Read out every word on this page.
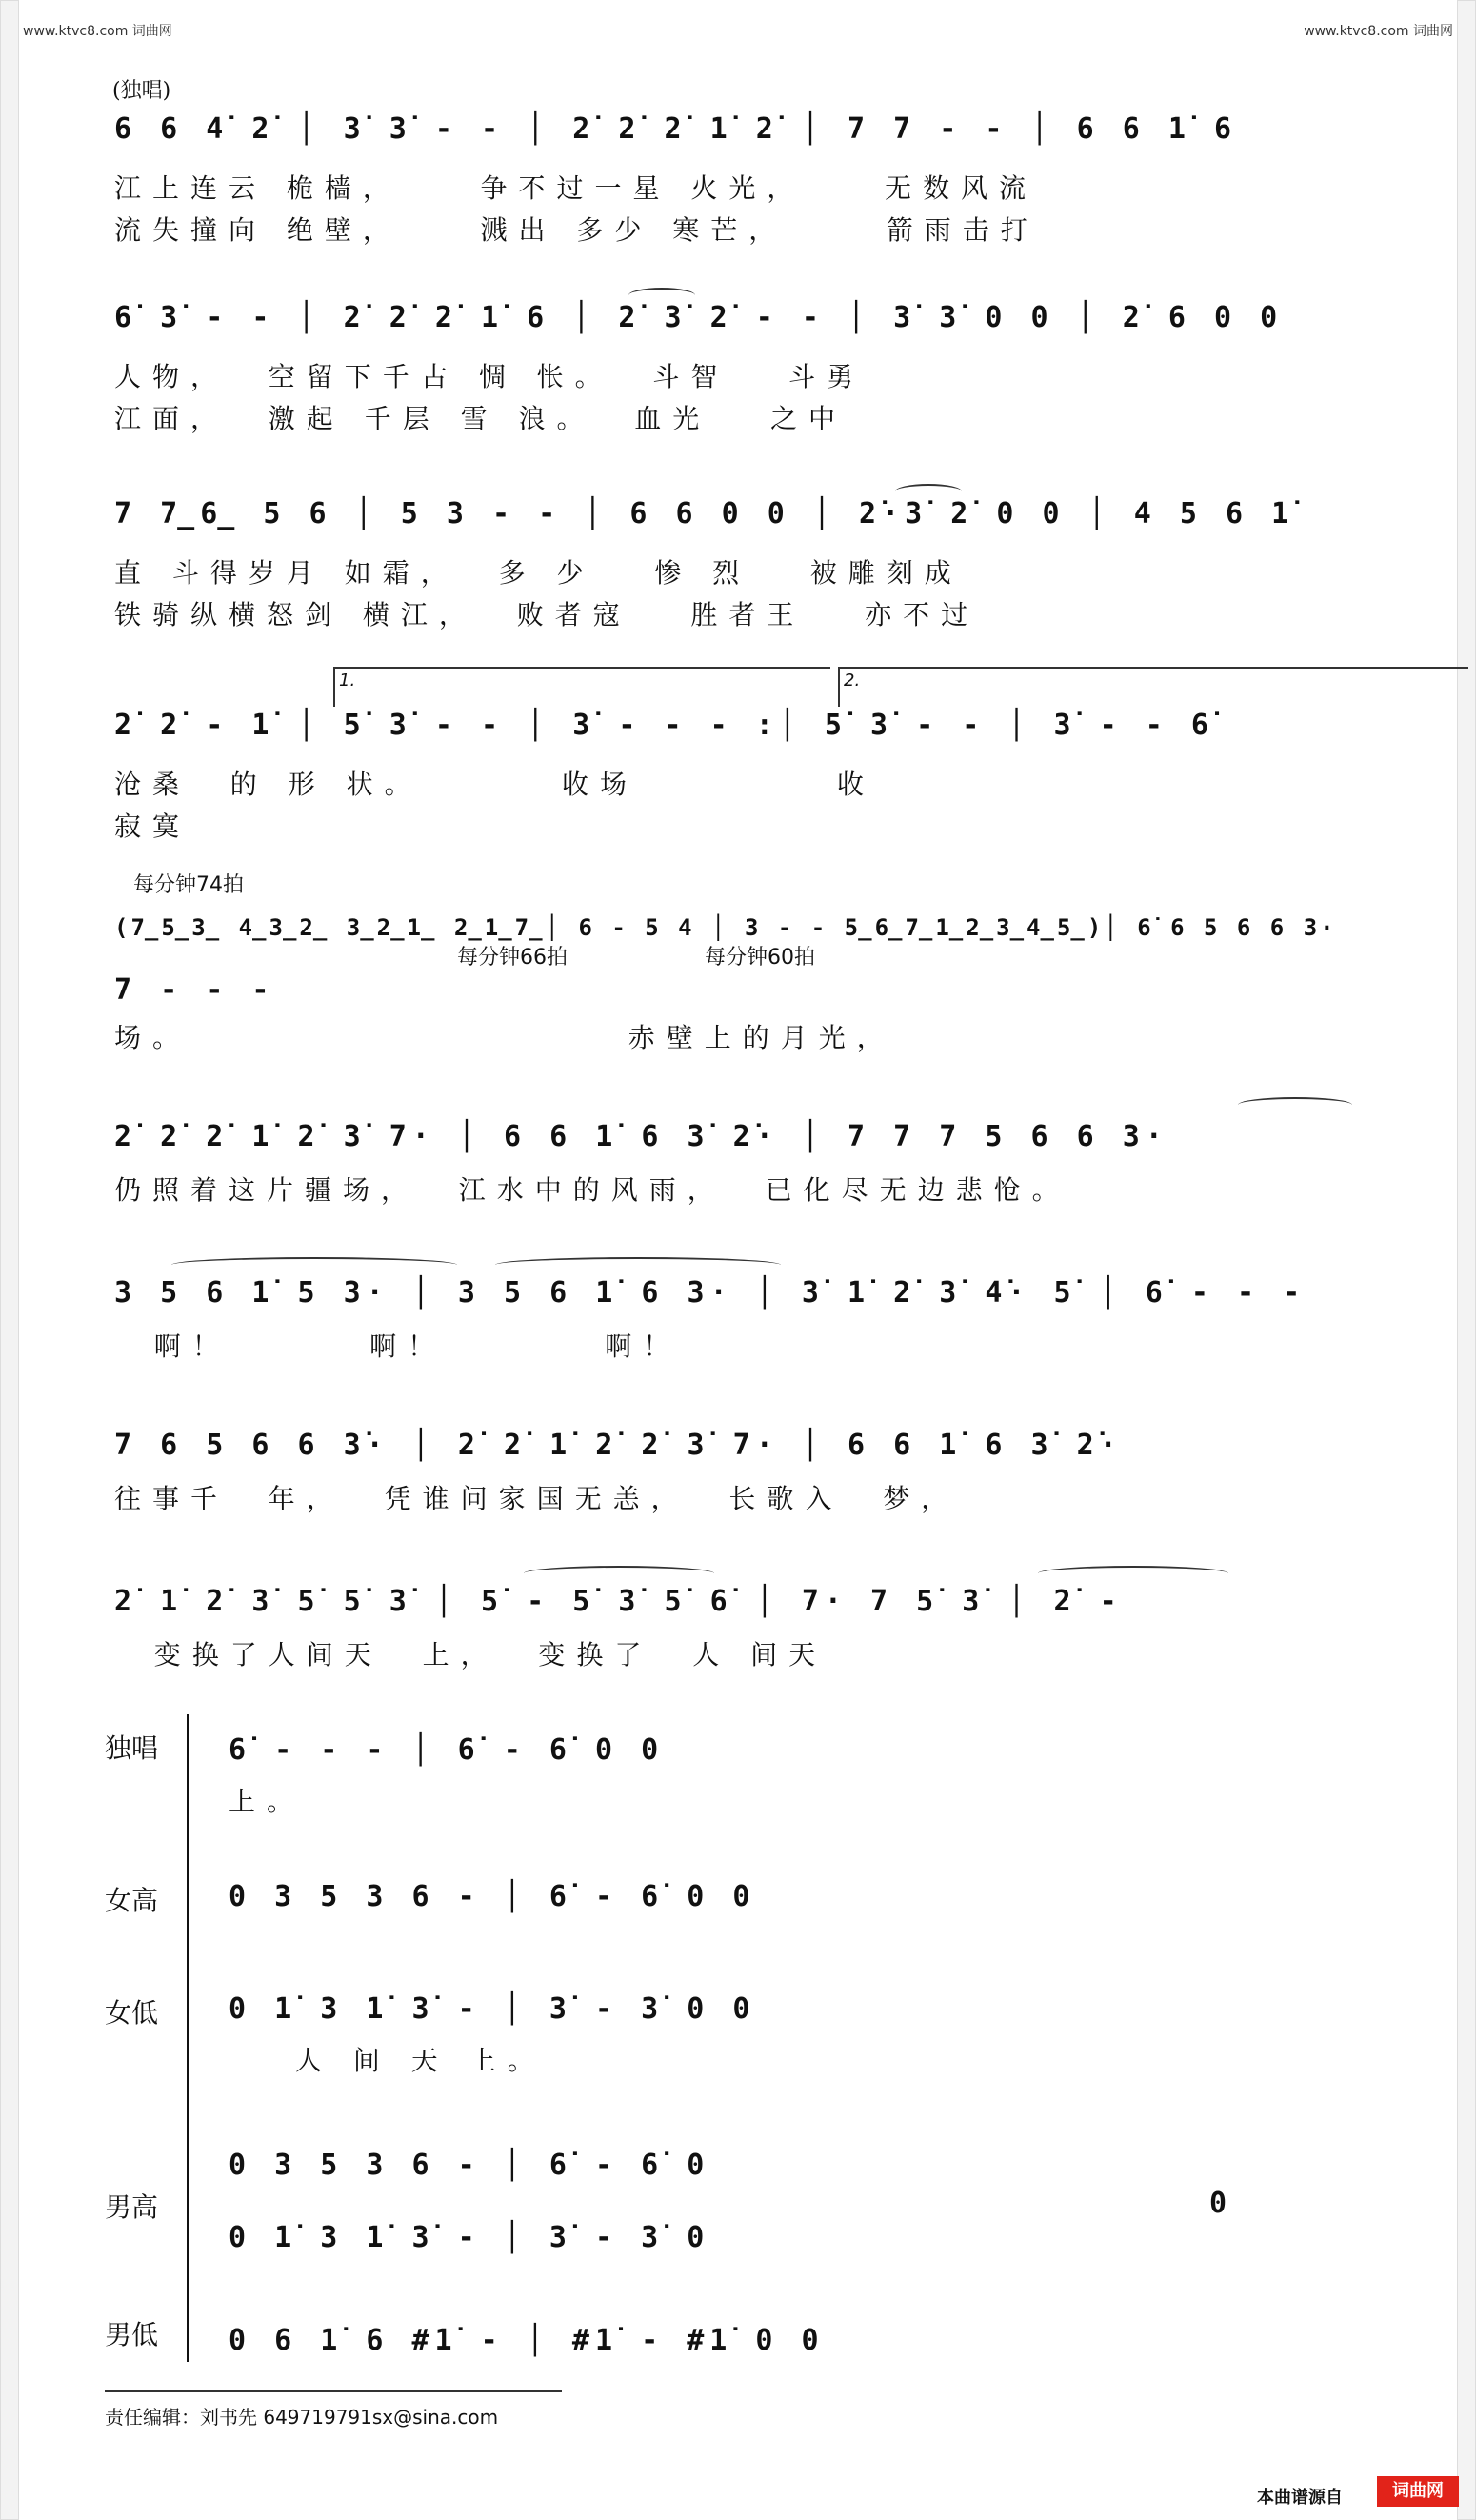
www.ktvc8.com 词曲网	www.ktvc8.com 词曲网
(独唱)
6 6 4̇ 2̇ │ 3̇ 3̇ - - │ 2̇ 2̇ 2̇ 1̇ 2̇ │ 7 7 - - │ 6 6 1̇ 6
江上连云 桅樯，    争不过一星 火光，    无数风流
流失撞向 绝壁，    溅出 多少 寒芒，     箭雨击打
6̇ 3̇ - - │ 2̇ 2̇ 2̇ 1̇ 6 │ 2̇ 3̇ 2̇ - - │ 3̇ 3̇ 0 0 │ 2̇ 6 0 0
人物，  空留下千古 惆 怅。  斗智   斗勇
江面，  激起 千层 雪 浪。  血光   之中
7 7̲6̲ 5 6 │ 5 3 - - │ 6 6 0 0 │ 2̇·3̇ 2̇ 0 0 │ 4 5 6 1̇
直 斗得岁月 如霜，  多 少   惨 烈   被雕刻成
铁骑纵横怒剑 横江，  败者寇   胜者王   亦不过
1.	2.
2̇ 2̇ - 1̇ │ 5̇ 3̇ - - │ 3̇ - - - :│ 5̇ 3̇ - - │ 3̇ - - 6̇
沧桑  的 形 状。       收场          收
寂寞
每分钟74拍
每分钟66拍	每分钟60拍
(7̲5̲3̲ 4̲3̲2̲ 3̲2̲1̲ 2̲1̲7̲│ 6 - 5 4 │ 3 - - 5̲6̲7̲1̲2̲3̲4̲5̲)│ 6̇ 6 5 6 6 3·
7 - - -
场。                      赤壁上的月光，
2̇ 2̇ 2̇ 1̇ 2̇ 3̇ 7· │ 6 6 1̇ 6 3̇ 2̇· │ 7 7 7 5 6 6 3·
仍照着这片疆场，  江水中的风雨，  已化尽无边悲怆。
3 5 6 1̇ 5 3· │ 3 5 6 1̇ 6 3· │ 3̇ 1̇ 2̇ 3̇ 4̇· 5̇ │ 6̇ - - -
啊！       啊！        啊！
7 6 5 6 6 3̇· │ 2̇ 2̇ 1̇ 2̇ 2̇ 3̇ 7· │ 6 6 1̇ 6 3̇ 2̇·
往事千  年，  凭谁问家国无恙，  长歌入  梦，
2̇ 1̇ 2̇ 3̇ 5̇ 5̇ 3̇ │ 5̇ - 5̇ 3̇ 5̇ 6̇ │ 7· 7 5̇ 3̇ │ 2̇ -
变换了人间天  上，  变换了  人 间天
独唱 6̇ - - - │ 6̇ - 6̇ 0 0
上。
女高 0 3 5 3 6 - │ 6̇ - 6̇ 0 0
女低 0 1̇ 3 1̇ 3̇ - │ 3̇ - 3̇ 0 0
人 间 天 上。
男高
0 3 5 3 6 - │ 6̇ - 6̇ 0
0 1̇ 3 1̇ 3̇ - │ 3̇ - 3̇ 0
0
男低 0 6 1̇ 6 #1̇ - │ #1̇ - #1̇ 0 0
责任编辑：刘书先 649719791sx@sina.com
本曲谱源自	词曲网
